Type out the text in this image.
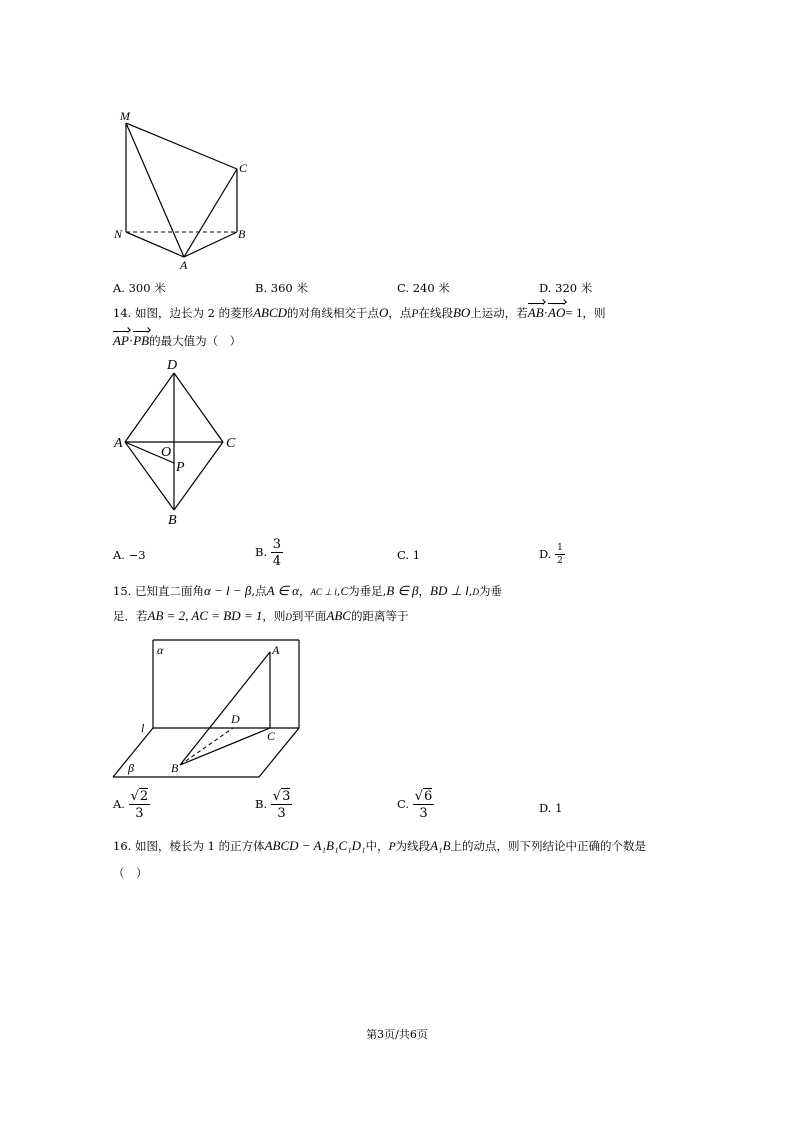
M
C
N	B
A
A. 300 米	B. 360 米	C. 240 米	D. 320 米
14. 如图，边长为 2 的菱形ABCD的对角线相交于点O，点P在线段BO上运动，若AB·AO= 1，则
AP·PB的最大值为（　）
D
A	C
O
P
B
A. −3	B. $\frac{3}{4}$	C. 1	D. $\frac{1}{2}$
15. 已知直二面角α − l − β,点A ∈ α，AC ⊥ l,C为垂足,B ∈ β，BD ⊥ l,D为垂
足．若AB = 2, AC = BD = 1，则D到平面ABC的距离等于
α	A
l
D
C
β	B
A. $\frac{√2}{3}$	B. $\frac{√3}{3}$	C. $\frac{√6}{3}$	D. 1
16. 如图，棱长为 1 的正方体ABCD − A₁B₁C₁D₁中，P为线段A₁B上的动点，则下列结论中正确的个数是
（　）
第3页/共6页
